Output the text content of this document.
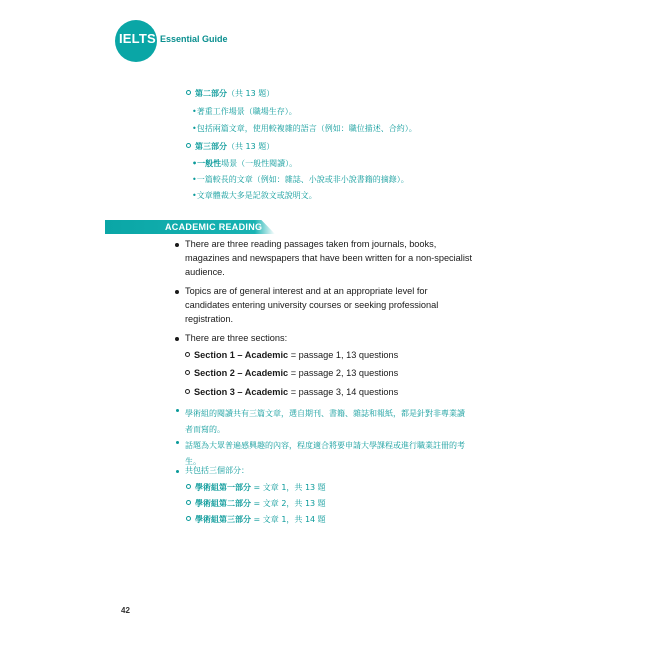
IELTS Essential Guide
第二部分（共 13 題）
•著重工作場景（職場生存）。
•包括兩篇文章，使用較複雜的語言（例如：職位描述、合約）。
第三部分（共 13 題）
•一般性場景（一般性閱讀）。
•一篇較長的文章（例如：雜誌、小說或非小說書籍的摘錄）。
•文章體裁大多是記敘文或說明文。
ACADEMIC READING

There are three reading passages taken from journals, books,

magazines and newspapers that have been written for a non-specialist

audience.

Topics are of general interest and at an appropriate level for

candidates entering university courses or seeking professional

registration.

There are three sections:
Section 1 – Academic = passage 1, 13 questions
Section 2 – Academic = passage 2, 13 questions
Section 3 – Academic = passage 3, 14 questions
學術組的閱讀共有三篇文章，選自期刊、書籍、雜誌和報紙，都是針對非專業讀
者而寫的。
話題為大眾普遍感興趣的內容，程度適合將要申請大學課程或進行職業註冊的考
生。
共包括三個部分：
學術組第一部分 = 文章 1，共 13 題
學術組第二部分 = 文章 2，共 13 題
學術組第三部分 = 文章 1，共 14 題
42
